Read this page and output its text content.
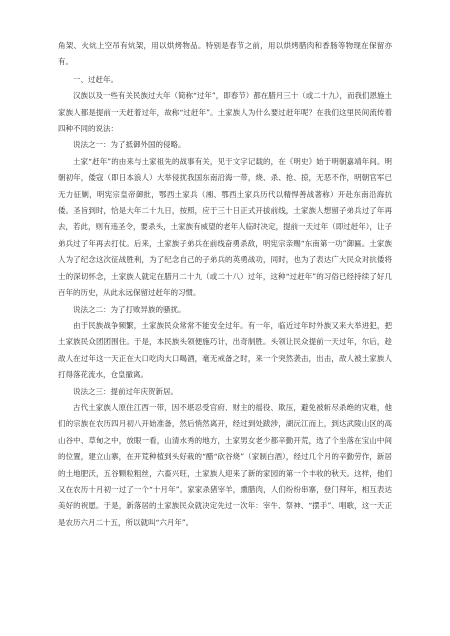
角架、火炕上空吊有炕架，用以烘烤物品。特别是春节之前，用以烘烤腊肉和香肠等物现在保留亦有。

一、过赶年。

汉族以及一些有关民族过大年（简称“过年”，即春节）都在腊月三十（或二十九），而我们恩施土家族人都是提前一天赶着过年，故称“过赶年”。土家族人为什么要过赶年呢？在我们这里民间流传着四种不同的说法：

说法之一：为了抵御外国的侵略。

土家“赶年”的由来与土家祖先的战事有关，见于文字记载的，在《明史》始于明朝嘉靖年间。明朝初年，倭寇（即日本浪人）大举侵扰我国东南沿海一带，烧、杀、抢、掠，无恶不作，明朝官军已无力征剿，明宪宗皇帝御批，鄂西土家兵（湘、鄂西土家兵历代以精悍善战著称）开赴东南沿海抗倭。圣旨到时，恰是大年二十九日，按照，应于三十日正式开拔前线，土家族人想留子弟兵过了年再去，若此，则有违圣令，要杀头，土家族有威望的老年人临时决定，提前一天过年（即过赶年），让子弟兵过了年再去打仗。后来，土家族子弟兵在前线奋勇杀敌，明宪宗亲赐“东南第一功”御匾。土家族人为了纪念这次征战胜利，为了纪念自己的子弟兵的英勇战功，同时，也为了表达广大民众对抗倭将士的深切怀念，土家族人就定在腊月二十九（或二十八）过年，这种“过赶年”的习俗已经持续了好几百年的历史，从此永远保留过赶年的习惯。

说法之二：为了打败异族的骚扰。

由于民族战争频繁，土家族民众常常不能安全过年。有一年，临近过年时外族又来大举进犯，把土家族民众团团围住。于是，本民族头领便施巧计，出奇制胜。头领让民众提前一天过年，尔后，趁敌人在过年这一天正在大口吃肉大口喝酒，毫无戒备之时，来一个突然袭击，出击，敌人被土家族人打得落花流水，仓皇撤离。

说法之三：提前过年庆贺新居。

古代土家族人原住江西一带，因不堪忍受官府、财主的徭役、欺压，避免被斩尽杀绝的灾难，他们的宗族在农历四月初八开始准备，然后悄然离开，经过到处跋涉，湖沅江而上，到达武陵山区的高山谷中、草甸之中，放眼一看，山清水秀的地方，土家男女老少都辛勤开荒，选了个坐落在宝山中间的位置，建立山寨，在开荒种植到头好栽的“醋“砍谷烧”（家制白酒），经过几个月的辛勤劳作，新居的土地肥沃，五谷颗粒粗丝，六畜兴旺，土家族人迎来了新的家园的第一个丰收的秋天。这样，他们又在农历十月初一过了一个“十月年”。家家杀猪宰羊，熏腊肉，人们纷纷串寨，登门拜年，相互表达美好的祝愿。于是，新落居的土家族民众就决定先过一次年：宰牛、祭神、“摆手”、唱歌，这一天正是农历六月二十五，所以就叫“六月年”。
